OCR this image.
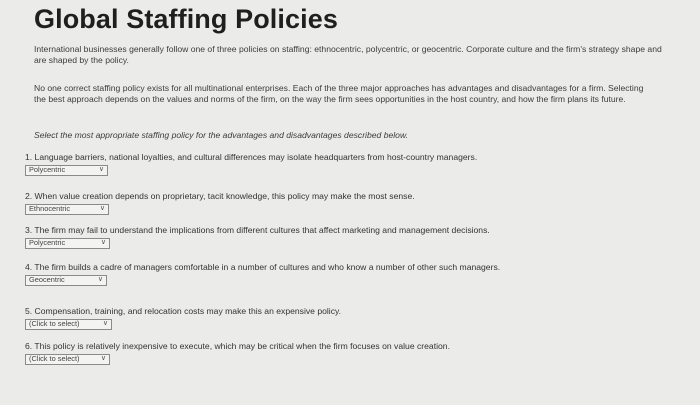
Global Staffing Policies

International businesses generally follow one of three policies on staffing: ethnocentric, polycentric, or geocentric. Corporate culture and the firm's strategy shape and are shaped by the policy.

No one correct staffing policy exists for all multinational enterprises. Each of the three major approaches has advantages and disadvantages for a firm. Selecting the best approach depends on the values and norms of the firm, on the way the firm sees opportunities in the host country, and how the firm plans its future.

Select the most appropriate staffing policy for the advantages and disadvantages described below.

1. Language barriers, national loyalties, and cultural differences may isolate headquarters from host-country managers.
Polycentric	∨
2. When value creation depends on proprietary, tacit knowledge, this policy may make the most sense.
Ethnocentric	∨
3. The firm may fail to understand the implications from different cultures that affect marketing and management decisions.
Polycentric	∨
4. The firm builds a cadre of managers comfortable in a number of cultures and who know a number of other such managers.
Geocentric	∨
5. Compensation, training, and relocation costs may make this an expensive policy.
(Click to select)	∨
6. This policy is relatively inexpensive to execute, which may be critical when the firm focuses on value creation.
(Click to select)	∨
